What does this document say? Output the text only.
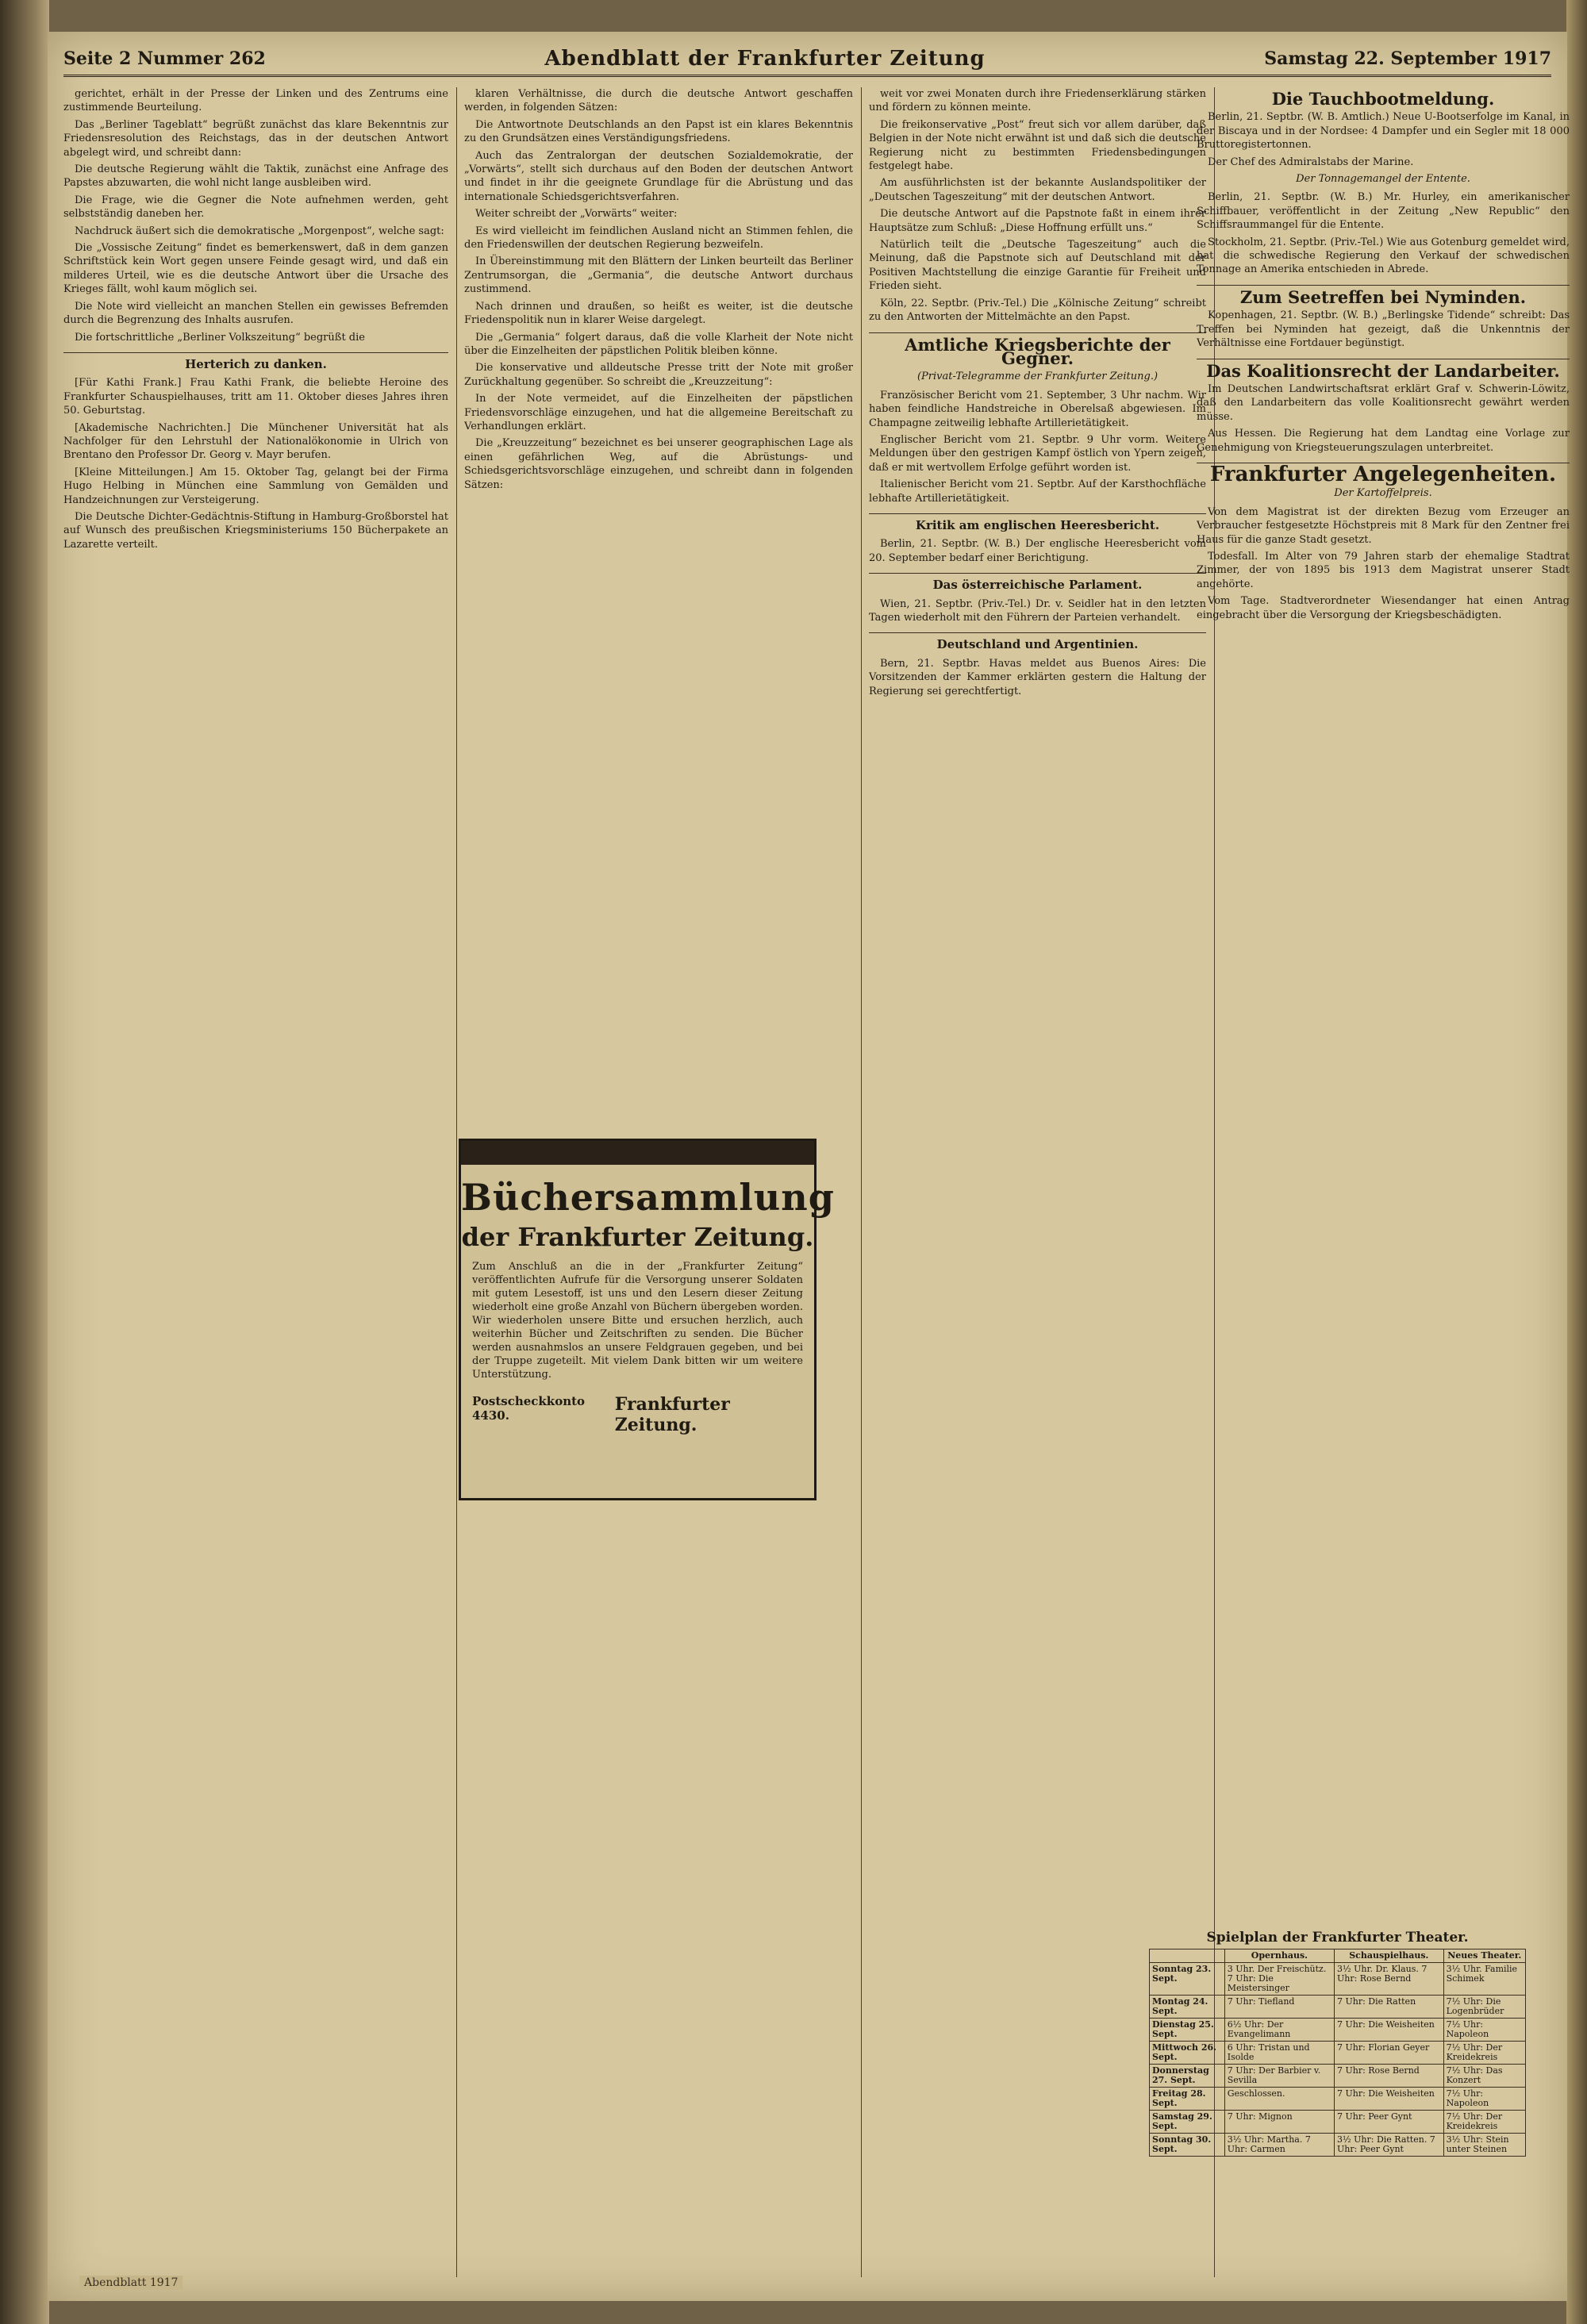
Seite 2 Nummer 262	Abendblatt der Frankfurter Zeitung	Samstag 22. September 1917

gerichtet, erhält in der Presse der Linken und des Zentrums eine zustimmende Beurteilung.

Das „Berliner Tageblatt“ begrüßt zunächst das klare Bekenntnis zur Friedensresolution des Reichstags, das in der deutschen Antwort abgelegt wird, und schreibt dann:

Die deutsche Regierung wählt die Taktik, zunächst eine Anfrage des Papstes abzuwarten, die wohl nicht lange ausbleiben wird.

Die Frage, wie die Gegner die Note aufnehmen werden, geht selbstständig daneben her.

Nachdruck äußert sich die demokratische „Morgenpost“, welche sagt:

Die „Vossische Zeitung“ findet es bemerkenswert, daß in dem ganzen Schriftstück kein Wort gegen unsere Feinde gesagt wird, und daß ein milderes Urteil, wie es die deutsche Antwort über die Ursache des Krieges fällt, wohl kaum möglich sei.

Die Note wird vielleicht an manchen Stellen ein gewisses Befremden durch die Begrenzung des Inhalts ausrufen.

Die fortschrittliche „Berliner Volkszeitung“ begrüßt die

Herterich zu danken.

[Für Kathi Frank.] Frau Kathi Frank, die beliebte Heroine des Frankfurter Schauspielhauses, tritt am 11. Oktober dieses Jahres ihren 50. Geburtstag.

[Akademische Nachrichten.] Die Münchener Universität hat als Nachfolger für den Lehrstuhl der Nationalökonomie in Ulrich von Brentano den Professor Dr. Georg v. Mayr berufen.

[Kleine Mitteilungen.] Am 15. Oktober Tag, gelangt bei der Firma Hugo Helbing in München eine Sammlung von Gemälden und Handzeichnungen zur Versteigerung.

Die Deutsche Dichter-Gedächtnis-Stiftung in Hamburg-Großborstel hat auf Wunsch des preußischen Kriegsministeriums 150 Bücherpakete an Lazarette verteilt.

klaren Verhältnisse, die durch die deutsche Antwort geschaffen werden, in folgenden Sätzen:

Die Antwortnote Deutschlands an den Papst ist ein klares Bekenntnis zu den Grundsätzen eines Verständigungsfriedens.

Auch das Zentralorgan der deutschen Sozialdemokratie, der „Vorwärts“, stellt sich durchaus auf den Boden der deutschen Antwort und findet in ihr die geeignete Grundlage für die Abrüstung und das internationale Schiedsgerichtsverfahren.

Weiter schreibt der „Vorwärts“ weiter:

Es wird vielleicht im feindlichen Ausland nicht an Stimmen fehlen, die den Friedenswillen der deutschen Regierung bezweifeln.

In Übereinstimmung mit den Blättern der Linken beurteilt das Berliner Zentrumsorgan, die „Germania“, die deutsche Antwort durchaus zustimmend.

Nach drinnen und draußen, so heißt es weiter, ist die deutsche Friedenspolitik nun in klarer Weise dargelegt.

Die „Germania“ folgert daraus, daß die volle Klarheit der Note nicht über die Einzelheiten der päpstlichen Politik bleiben könne.

Die konservative und alldeutsche Presse tritt der Note mit großer Zurückhaltung gegenüber. So schreibt die „Kreuzzeitung“:

In der Note vermeidet, auf die Einzelheiten der päpstlichen Friedensvorschläge einzugehen, und hat die allgemeine Bereitschaft zu Verhandlungen erklärt.

Die „Kreuzzeitung“ bezeichnet es bei unserer geographischen Lage als einen gefährlichen Weg, auf die Abrüstungs- und Schiedsgerichtsvorschläge einzugehen, und schreibt dann in folgenden Sätzen:

weit vor zwei Monaten durch ihre Friedenserklärung stärken und fördern zu können meinte.

Die freikonservative „Post“ freut sich vor allem darüber, daß Belgien in der Note nicht erwähnt ist und daß sich die deutsche Regierung nicht zu bestimmten Friedensbedingungen festgelegt habe.

Am ausführlichsten ist der bekannte Auslandspolitiker der „Deutschen Tageszeitung“ mit der deutschen Antwort.

Die deutsche Antwort auf die Papstnote faßt in einem ihrer Hauptsätze zum Schluß: „Diese Hoffnung erfüllt uns.“

Natürlich teilt die „Deutsche Tageszeitung“ auch die Meinung, daß die Papstnote sich auf Deutschland mit der Positiven Machtstellung die einzige Garantie für Freiheit und Frieden sieht.

Köln, 22. Septbr. (Priv.-Tel.) Die „Kölnische Zeitung“ schreibt zu den Antworten der Mittelmächte an den Papst.

Amtliche Kriegsberichte der Gegner.
(Privat-Telegramme der Frankfurter Zeitung.)

Französischer Bericht vom 21. September, 3 Uhr nachm. Wir haben feindliche Handstreiche in Oberelsaß abgewiesen. Im Champagne zeitweilig lebhafte Artillerietätigkeit.

Englischer Bericht vom 21. Septbr. 9 Uhr vorm. Weitere Meldungen über den gestrigen Kampf östlich von Ypern zeigen, daß er mit wertvollem Erfolge geführt worden ist.

Italienischer Bericht vom 21. Septbr. Auf der Karsthochfläche lebhafte Artillerietätigkeit.

Kritik am englischen Heeresbericht.

Berlin, 21. Septbr. (W. B.) Der englische Heeresbericht vom 20. September bedarf einer Berichtigung.

Das österreichische Parlament.

Wien, 21. Septbr. (Priv.-Tel.) Dr. v. Seidler hat in den letzten Tagen wiederholt mit den Führern der Parteien verhandelt.

Deutschland und Argentinien.

Bern, 21. Septbr. Havas meldet aus Buenos Aires: Die Vorsitzenden der Kammer erklärten gestern die Haltung der Regierung sei gerechtfertigt.

Die Tauchbootmeldung.

Berlin, 21. Septbr. (W. B. Amtlich.) Neue U-Bootserfolge im Kanal, in der Biscaya und in der Nordsee: 4 Dampfer und ein Segler mit 18 000 Bruttoregistertonnen.

Der Chef des Admiralstabs der Marine.

Der Tonnagemangel der Entente.

Berlin, 21. Septbr. (W. B.) Mr. Hurley, ein amerikanischer Schiffbauer, veröffentlicht in der Zeitung „New Republic“ den Schiffsraummangel für die Entente.

Stockholm, 21. Septbr. (Priv.-Tel.) Wie aus Gotenburg gemeldet wird, hat die schwedische Regierung den Verkauf der schwedischen Tonnage an Amerika entschieden in Abrede.

Zum Seetreffen bei Nyminden.

Kopenhagen, 21. Septbr. (W. B.) „Berlingske Tidende“ schreibt: Das Treffen bei Nyminden hat gezeigt, daß die Unkenntnis der Verhältnisse eine Fortdauer begünstigt.

Das Koalitionsrecht der Landarbeiter.

Im Deutschen Landwirtschaftsrat erklärt Graf v. Schwerin-Löwitz, daß den Landarbeitern das volle Koalitionsrecht gewährt werden müsse.

Aus Hessen. Die Regierung hat dem Landtag eine Vorlage zur Genehmigung von Kriegsteuerungszulagen unterbreitet.

Frankfurter Angelegenheiten.
Der Kartoffelpreis.

Von dem Magistrat ist der direkten Bezug vom Erzeuger an Verbraucher festgesetzte Höchstpreis mit 8 Mark für den Zentner frei Haus für die ganze Stadt gesetzt.

Todesfall. Im Alter von 79 Jahren starb der ehemalige Stadtrat Zimmer, der von 1895 bis 1913 dem Magistrat unserer Stadt angehörte.

Vom Tage. Stadtverordneter Wiesendanger hat einen Antrag eingebracht über die Versorgung der Kriegsbeschädigten.

Büchersammlung
der Frankfurter Zeitung.
Zum Anschluß an die in der „Frankfurter Zeitung“ veröffentlichten Aufrufe für die Versorgung unserer Soldaten mit gutem Lesestoff, ist uns und den Lesern dieser Zeitung wiederholt eine große Anzahl von Büchern übergeben worden. Wir wiederholen unsere Bitte und ersuchen herzlich, auch weiterhin Bücher und Zeitschriften zu senden. Die Bücher werden ausnahmslos an unsere Feldgrauen gegeben, und bei der Truppe zugeteilt. Mit vielem Dank bitten wir um weitere Unterstützung.
Postscheckkonto 4430.
Frankfurter Zeitung.
Spielplan der Frankfurter Theater.
	Opernhaus.	Schauspielhaus.	Neues Theater.
Sonntag 23. Sept.	3 Uhr. Der Freischütz. 7 Uhr: Die Meistersinger	3½ Uhr. Dr. Klaus. 7 Uhr: Rose Bernd	3½ Uhr. Familie Schimek
Montag 24. Sept.	7 Uhr: Tiefland	7 Uhr: Die Ratten	7½ Uhr: Die Logenbrüder
Dienstag 25. Sept.	6½ Uhr: Der Evangelimann	7 Uhr: Die Weisheiten	7½ Uhr: Napoleon
Mittwoch 26. Sept.	6 Uhr: Tristan und Isolde	7 Uhr: Florian Geyer	7½ Uhr: Der Kreidekreis
Donnerstag 27. Sept.	7 Uhr: Der Barbier v. Sevilla	7 Uhr: Rose Bernd	7½ Uhr: Das Konzert
Freitag 28. Sept.	Geschlossen.	7 Uhr: Die Weisheiten	7½ Uhr: Napoleon
Samstag 29. Sept.	7 Uhr: Mignon	7 Uhr: Peer Gynt	7½ Uhr: Der Kreidekreis
Sonntag 30. Sept.	3½ Uhr: Martha. 7 Uhr: Carmen	3½ Uhr: Die Ratten. 7 Uhr: Peer Gynt	3½ Uhr: Stein unter Steinen
Abendblatt 1917
